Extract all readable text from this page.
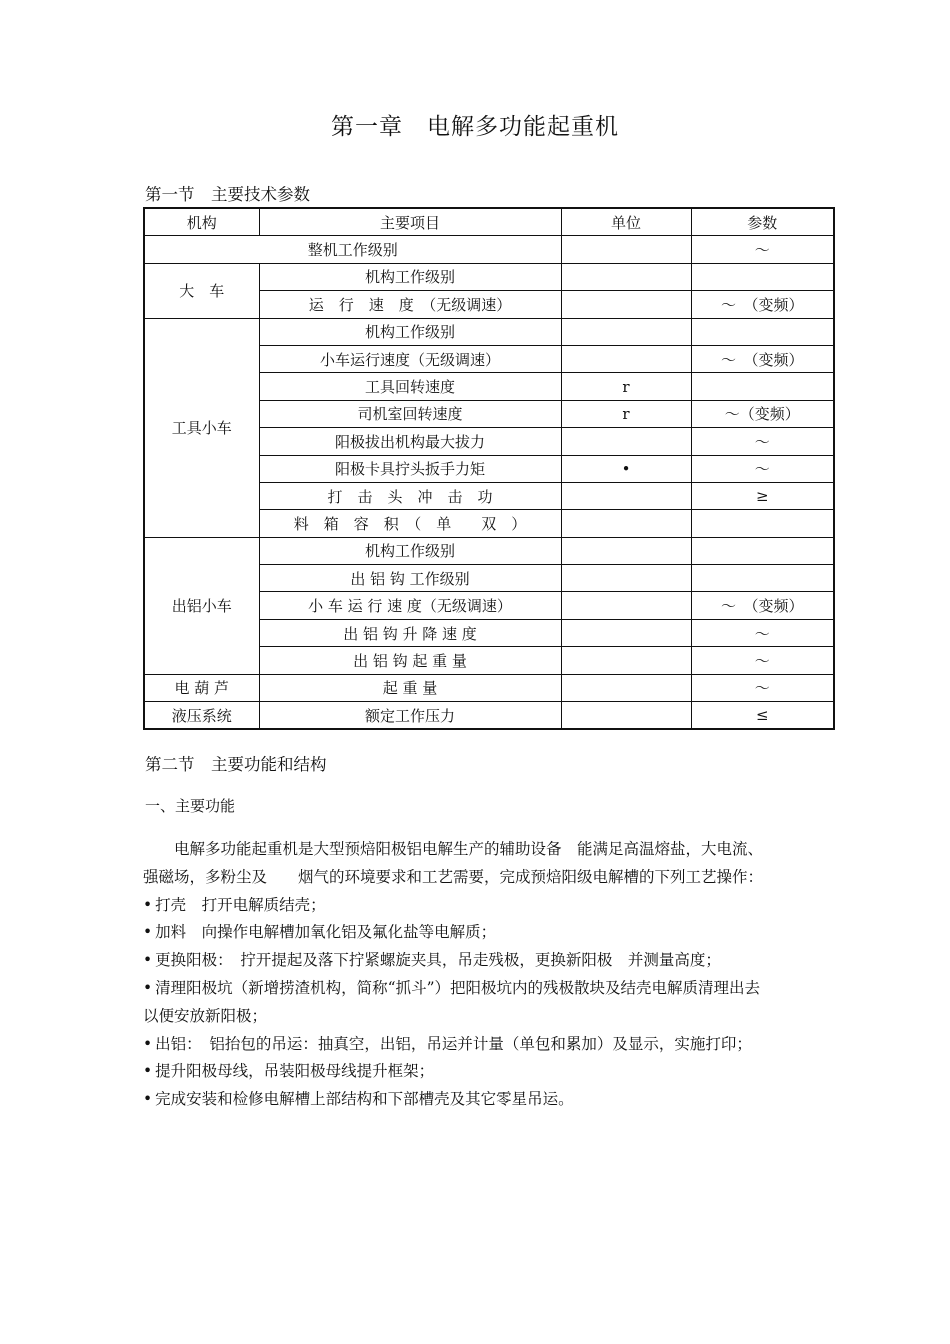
第一章　电解多功能起重机
第一节　主要技术参数
机构	主要项目	单位	参数
整机工作级别			～
大　车	机构工作级别		
	运　行　速　度　（无级调速）		～　（变频）
工具小车	机构工作级别		
	小车运行速度（无级调速）		～　（变频）
	工具回转速度	r	
	司机室回转速度	r	～（变频）
	阳极拔出机构最大拔力		～
	阳极卡具拧头扳手力矩	•	～
	打　击　头　冲　击　功		≥
	料　箱　容　积　（　单　　双　）		
出铝小车	机构工作级别		
	出 铝 钩 工作级别		
	小 车 运 行 速 度（无级调速）		～　（变频）
	出 铝 钩 升 降 速 度		～
	出 铝 钩 起 重 量		～
电 葫 芦	起 重 量		～
液压系统	额定工作压力		≤
第二节　主要功能和结构
一、主要功能

电解多功能起重机是大型预焙阳极铝电解生产的辅助设备　能满足高温熔盐，大电流、强磁场，多粉尘及　　烟气的环境要求和工艺需要，完成预焙阳级电解槽的下列工艺操作：

• 打壳　打开电解质结壳；

• 加料　向操作电解槽加氧化铝及氟化盐等电解质；

• 更换阳极：　拧开提起及落下拧紧螺旋夹具，吊走残极，更换新阳极　并测量高度；

• 清理阳极坑（新增捞渣机构，简称“抓斗”）把阳极坑内的残极散块及结壳电解质清理出去　以便安放新阳极；

• 出铝：　铝抬包的吊运：抽真空，出铝，吊运并计量（单包和累加）及显示，实施打印；

• 提升阳极母线，吊装阳极母线提升框架；

• 完成安装和检修电解槽上部结构和下部槽壳及其它零星吊运。
